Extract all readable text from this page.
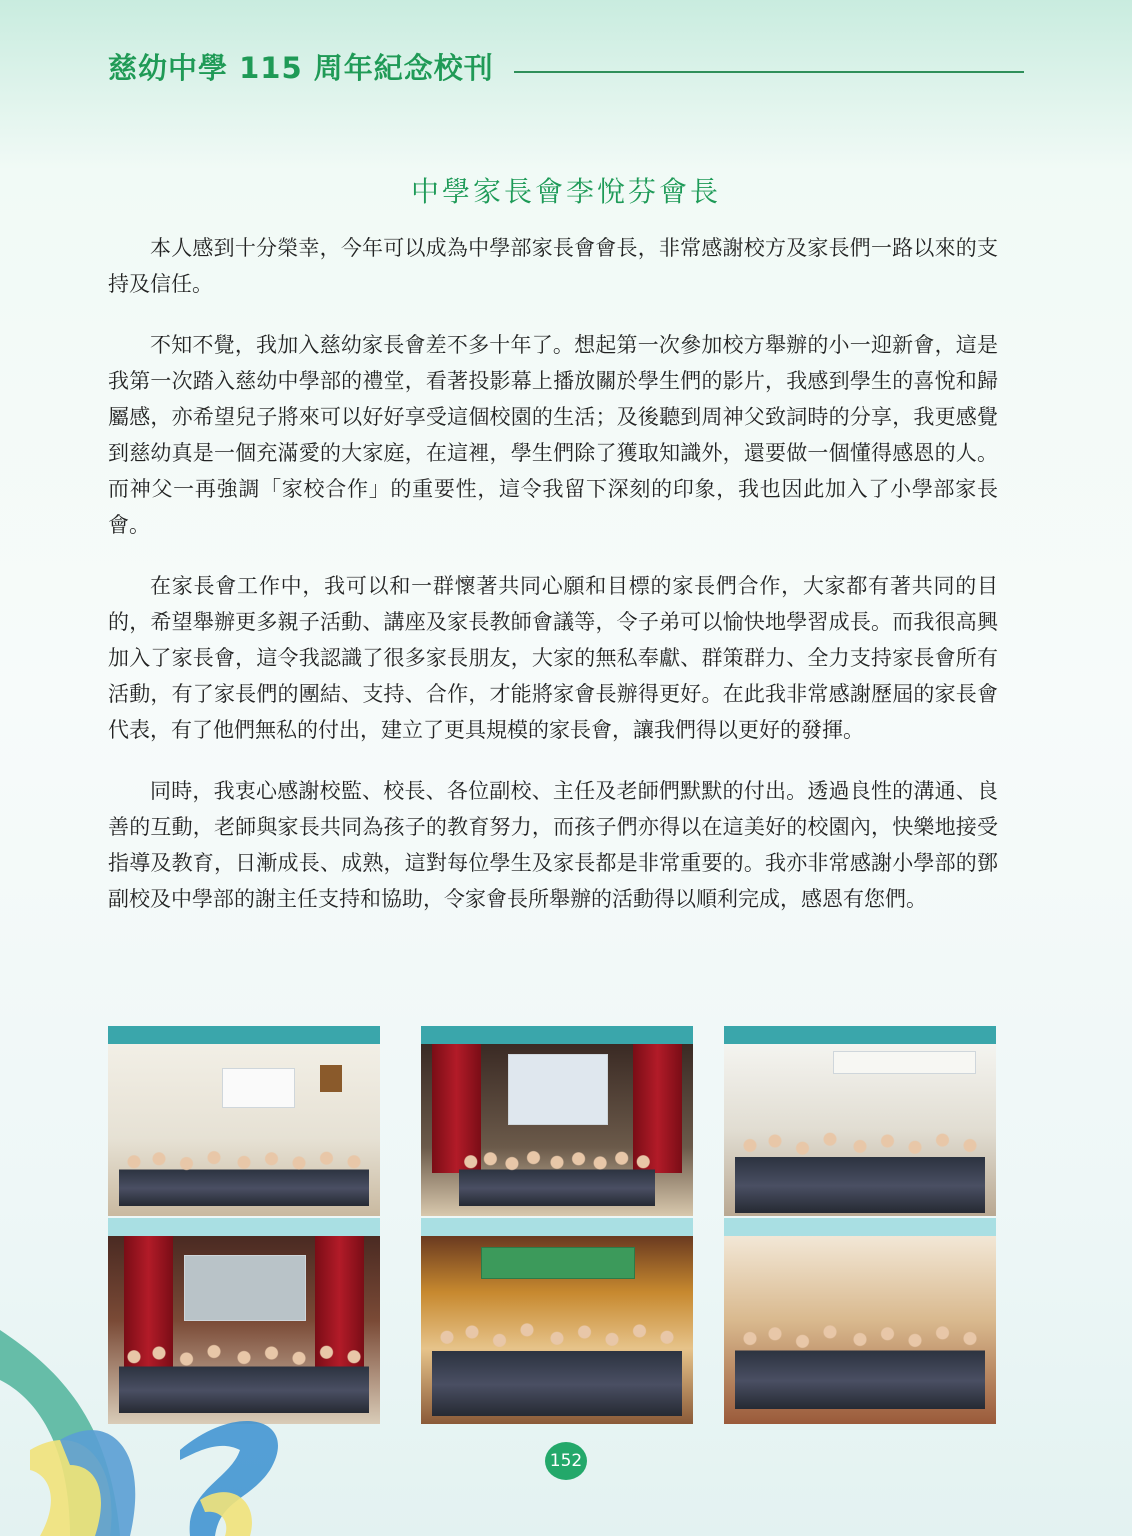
慈幼中學 115 周年紀念校刊
中學家長會李悅芬會長

本人感到十分榮幸，今年可以成為中學部家長會會長，非常感謝校方及家長們一路以來的支持及信任。

不知不覺，我加入慈幼家長會差不多十年了。想起第一次參加校方舉辦的小一迎新會，這是我第一次踏入慈幼中學部的禮堂，看著投影幕上播放關於學生們的影片，我感到學生的喜悅和歸屬感，亦希望兒子將來可以好好享受這個校園的生活；及後聽到周神父致詞時的分享，我更感覺到慈幼真是一個充滿愛的大家庭，在這裡，學生們除了獲取知識外，還要做一個懂得感恩的人。而神父一再強調「家校合作」的重要性，這令我留下深刻的印象，我也因此加入了小學部家長會。

在家長會工作中，我可以和一群懷著共同心願和目標的家長們合作，大家都有著共同的目的，希望舉辦更多親子活動、講座及家長教師會議等，令子弟可以愉快地學習成長。而我很高興加入了家長會，這令我認識了很多家長朋友，大家的無私奉獻、群策群力、全力支持家長會所有活動，有了家長們的團結、支持、合作，才能將家會長辦得更好。在此我非常感謝歷屆的家長會代表，有了他們無私的付出，建立了更具規模的家長會，讓我們得以更好的發揮。

同時，我衷心感謝校監、校長、各位副校、主任及老師們默默的付出。透過良性的溝通、良善的互動，老師與家長共同為孩子的教育努力，而孩子們亦得以在這美好的校園內，快樂地接受指導及教育，日漸成長、成熟，這對每位學生及家長都是非常重要的。我亦非常感謝小學部的鄧副校及中學部的謝主任支持和協助，令家會長所舉辦的活動得以順利完成，感恩有您們。

152
